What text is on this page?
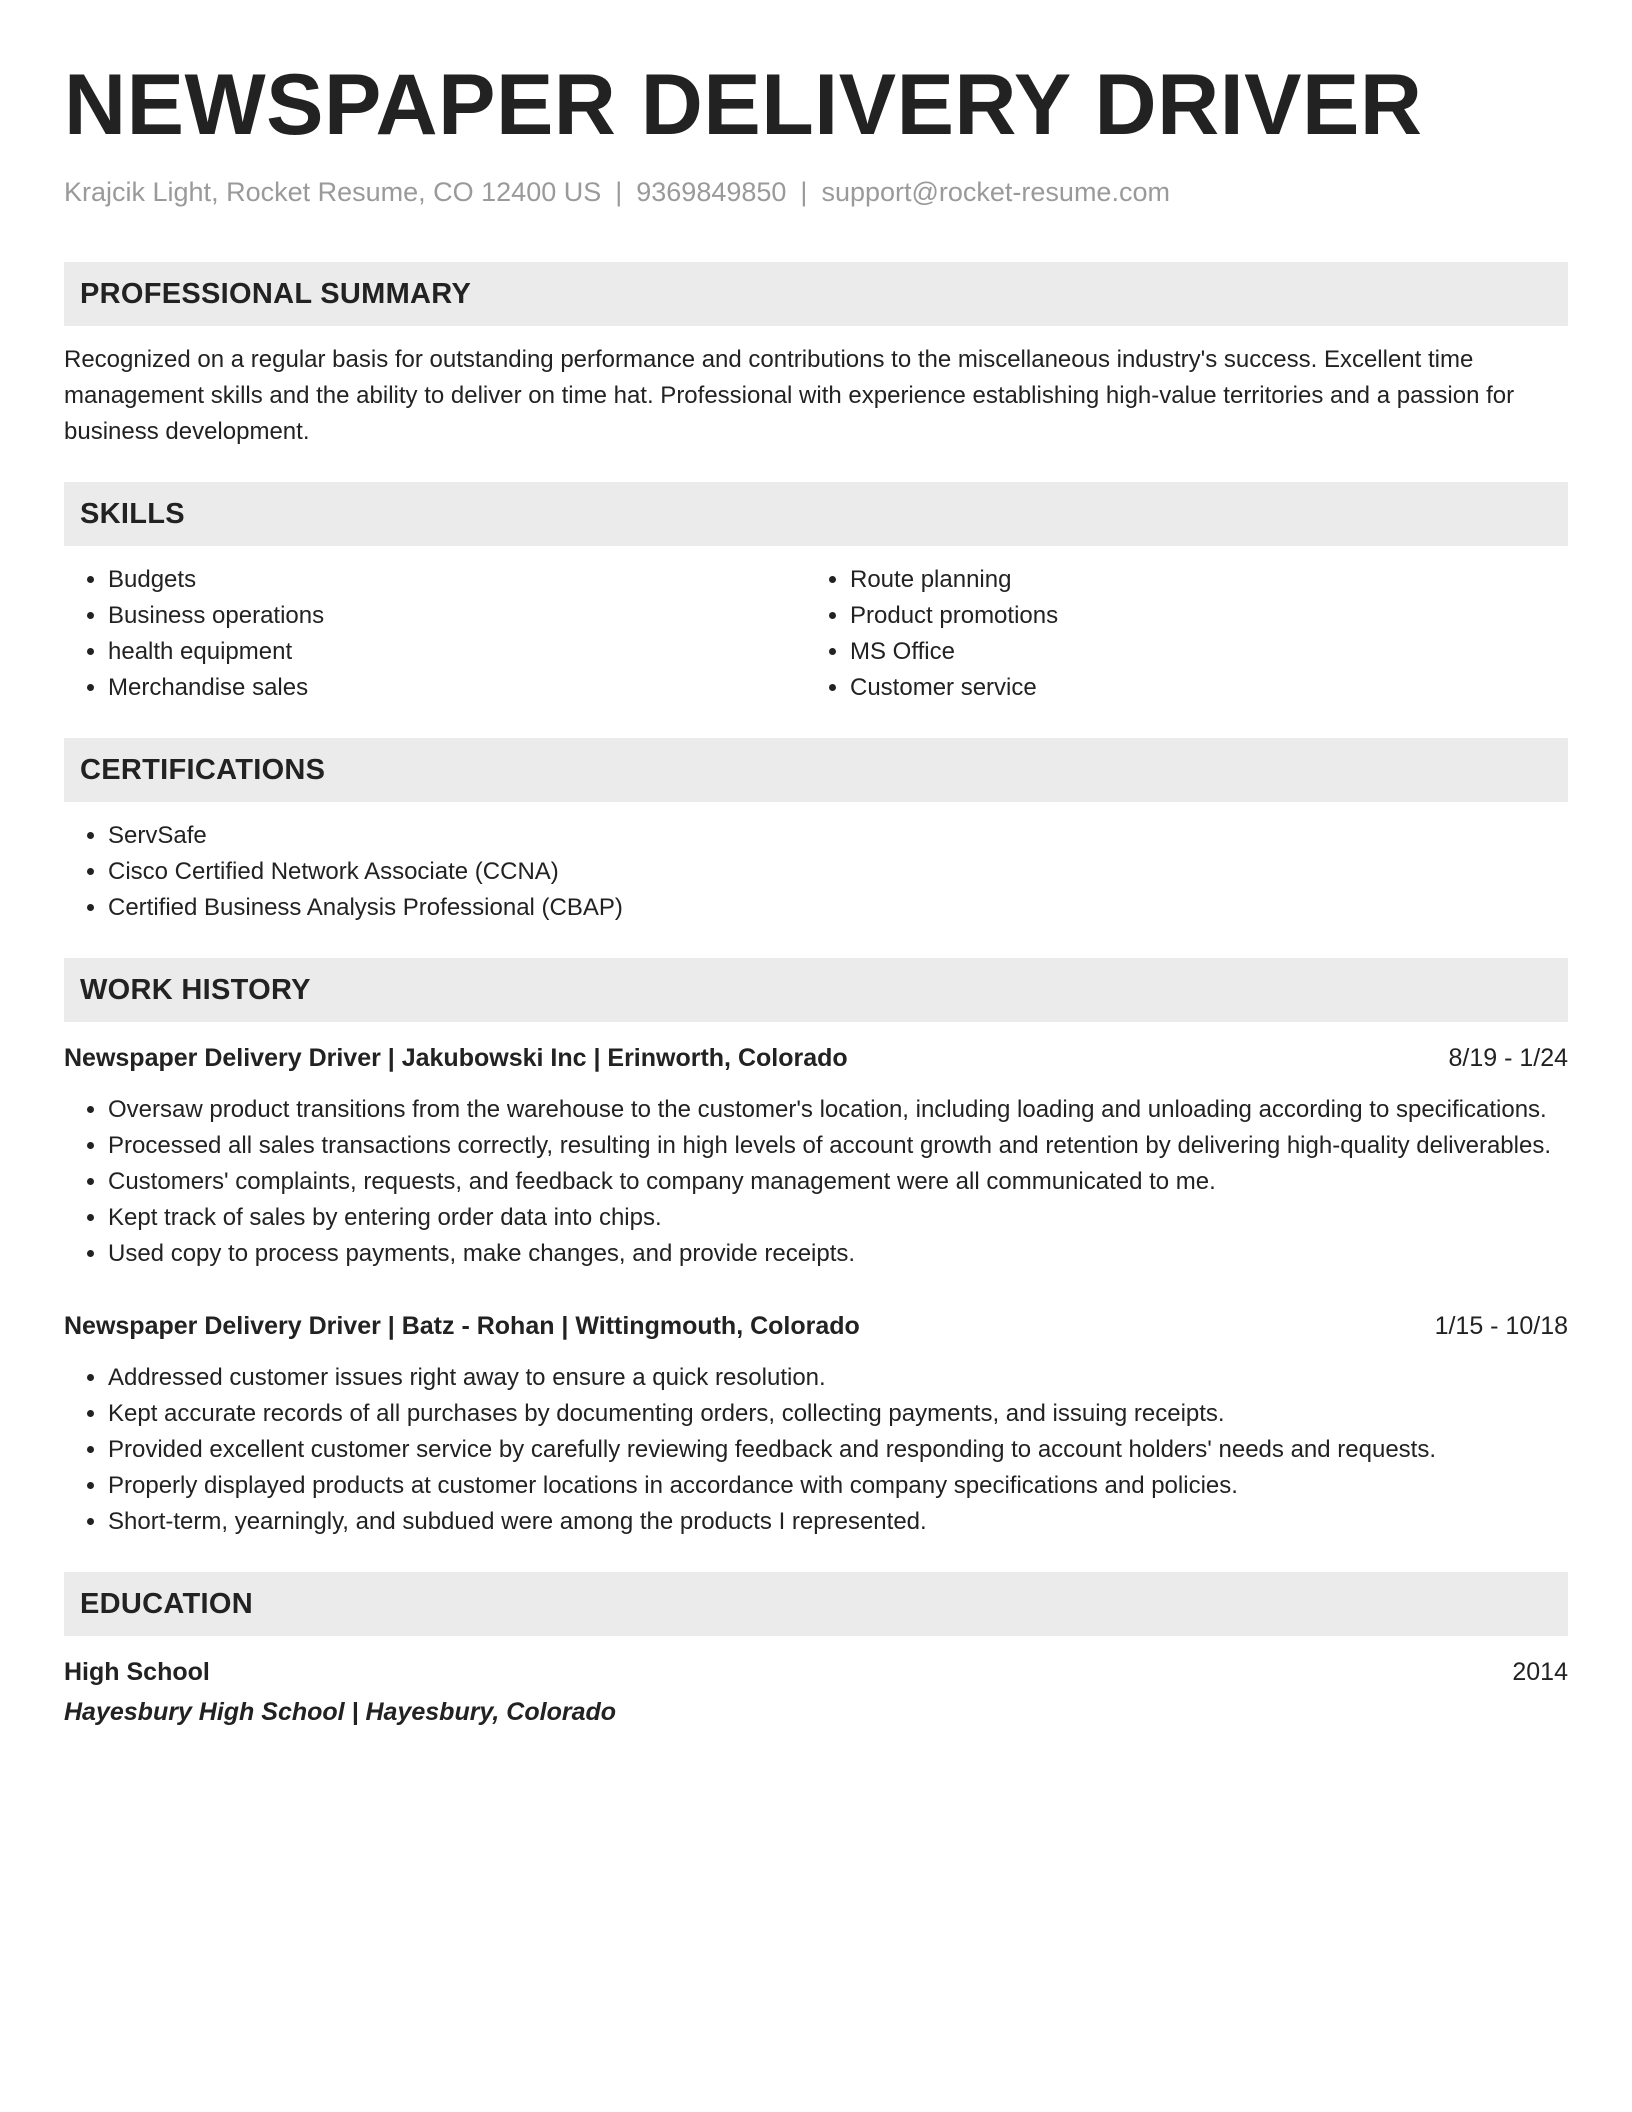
NEWSPAPER DELIVERY DRIVER
Krajcik Light, Rocket Resume, CO 12400 US | 9369849850 | support@rocket-resume.com
PROFESSIONAL SUMMARY

Recognized on a regular basis for outstanding performance and contributions to the miscellaneous industry's success. Excellent time management skills and the ability to deliver on time hat. Professional with experience establishing high-value territories and a passion for business development.

SKILLS
• Budgets
• Business operations
• health equipment
• Merchandise sales
• Route planning
• Product promotions
• MS Office
• Customer service
CERTIFICATIONS
• ServSafe
• Cisco Certified Network Associate (CCNA)
• Certified Business Analysis Professional (CBAP)
WORK HISTORY
Newspaper Delivery Driver | Jakubowski Inc | Erinworth, Colorado	8/19 - 1/24
• Oversaw product transitions from the warehouse to the customer's location, including loading and unloading according to specifications.
• Processed all sales transactions correctly, resulting in high levels of account growth and retention by delivering high-quality deliverables.
• Customers' complaints, requests, and feedback to company management were all communicated to me.
• Kept track of sales by entering order data into chips.
• Used copy to process payments, make changes, and provide receipts.
Newspaper Delivery Driver | Batz - Rohan | Wittingmouth, Colorado	1/15 - 10/18
• Addressed customer issues right away to ensure a quick resolution.
• Kept accurate records of all purchases by documenting orders, collecting payments, and issuing receipts.
• Provided excellent customer service by carefully reviewing feedback and responding to account holders' needs and requests.
• Properly displayed products at customer locations in accordance with company specifications and policies.
• Short-term, yearningly, and subdued were among the products I represented.
EDUCATION
High School	2014
Hayesbury High School | Hayesbury, Colorado
